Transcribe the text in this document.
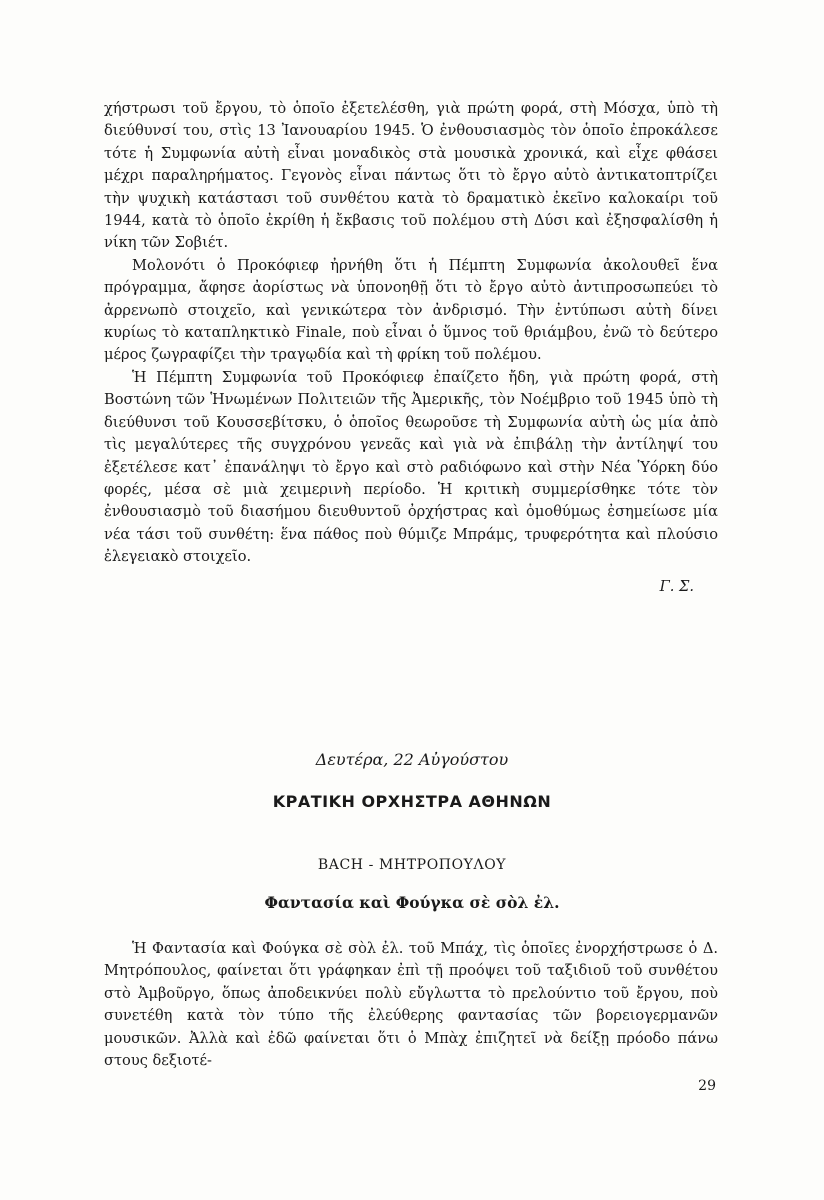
χήστρωσι τοῦ ἔργου, τὸ ὁποῖο ἐξετελέσθη, γιὰ πρώτη φορά, στὴ Μόσχα, ὑπὸ τὴ διεύθυνσί του, στὶς 13 Ἰανουαρίου 1945. Ὁ ἐνθουσιασμὸς τὸν ὁποῖο ἐπροκάλεσε τότε ἡ Συμφωνία αὐτὴ εἶναι μοναδικὸς στὰ μουσικὰ χρονικά, καὶ εἶχε φθάσει μέχρι παραληρήματος. Γεγονὸς εἶναι πάντως ὅτι τὸ ἔργο αὐτὸ ἀντικατοπτρίζει τὴν ψυχικὴ κατάστασι τοῦ συνθέτου κατὰ τὸ δραματικὸ ἐκεῖνο καλοκαίρι τοῦ 1944, κατὰ τὸ ὁποῖο ἐκρίθη ἡ ἔκβασις τοῦ πολέμου στὴ Δύσι καὶ ἐξησφαλίσθη ἡ νίκη τῶν Σοβιέτ.

Μολονότι ὁ Προκόφιεφ ἠρνήθη ὅτι ἡ Πέμπτη Συμφωνία ἀκολουθεῖ ἕνα πρόγραμμα, ἄφησε ἀορίστως νὰ ὑπονοηθῇ ὅτι τὸ ἔργο αὐτὸ ἀντιπροσωπεύει τὸ ἀρρενωπὸ στοιχεῖο, καὶ γενικώτερα τὸν ἀνδρισμό. Τὴν ἐντύπωσι αὐτὴ δίνει κυρίως τὸ καταπληκτικὸ Finale, ποὺ εἶναι ὁ ὕμνος τοῦ θριάμβου, ἐνῶ τὸ δεύτερο μέρος ζωγραφίζει τὴν τραγῳδία καὶ τὴ φρίκη τοῦ πολέμου.

Ἡ Πέμπτη Συμφωνία τοῦ Προκόφιεφ ἐπαίζετο ἤδη, γιὰ πρώτη φορά, στὴ Βοστώνη τῶν Ἡνωμένων Πολιτειῶν τῆς Ἀμερικῆς, τὸν Νοέμβριο τοῦ 1945 ὑπὸ τὴ διεύθυνσι τοῦ Κουσσεβίτσκυ, ὁ ὁποῖος θεωροῦσε τὴ Συμφωνία αὐτὴ ὡς μία ἀπὸ τὶς μεγαλύτερες τῆς συγχρόνου γενεᾶς καὶ γιὰ νὰ ἐπιβάλῃ τὴν ἀντίληψί του ἐξετέλεσε κατ᾽ ἐπανάληψι τὸ ἔργο καὶ στὸ ραδιόφωνο καὶ στὴν Νέα Ὑόρκη δύο φορές, μέσα σὲ μιὰ χειμερινὴ περίοδο. Ἡ κριτικὴ συμμερίσθηκε τότε τὸν ἐνθουσιασμὸ τοῦ διασήμου διευθυντοῦ ὀρχήστρας καὶ ὁμοθύμως ἐσημείωσε μία νέα τάσι τοῦ συνθέτη: ἕνα πάθος ποὺ θύμιζε Μπράμς, τρυφερότητα καὶ πλούσιο ἐλεγειακὸ στοιχεῖο.

Γ. Σ.
Δευτέρα, 22 Αὐγούστου
ΚΡΑΤΙΚΗ ΟΡΧΗΣΤΡΑ ΑΘΗΝΩΝ
BACH - ΜΗΤΡΟΠΟΥΛΟΥ
Φαντασία καὶ Φούγκα σὲ σὸλ ἐλ.

Ἡ Φαντασία καὶ Φούγκα σὲ σὸλ ἐλ. τοῦ Μπάχ, τὶς ὁποῖες ἐνορχήστρωσε ὁ Δ. Μητρόπουλος, φαίνεται ὅτι γράφηκαν ἐπὶ τῇ προόψει τοῦ ταξιδιοῦ τοῦ συνθέτου στὸ Ἀμβοῦργο, ὅπως ἀποδεικνύει πολὺ εὔγλωττα τὸ πρελούντιο τοῦ ἔργου, ποὺ συνετέθη κατὰ τὸν τύπο τῆς ἐλεύθερης φαντασίας τῶν βορειογερμανῶν μουσικῶν. Ἀλλὰ καὶ ἐδῶ φαίνεται ὅτι ὁ Μπὰχ ἐπιζητεῖ νὰ δείξῃ πρόοδο πάνω στους δεξιοτέ-

29
